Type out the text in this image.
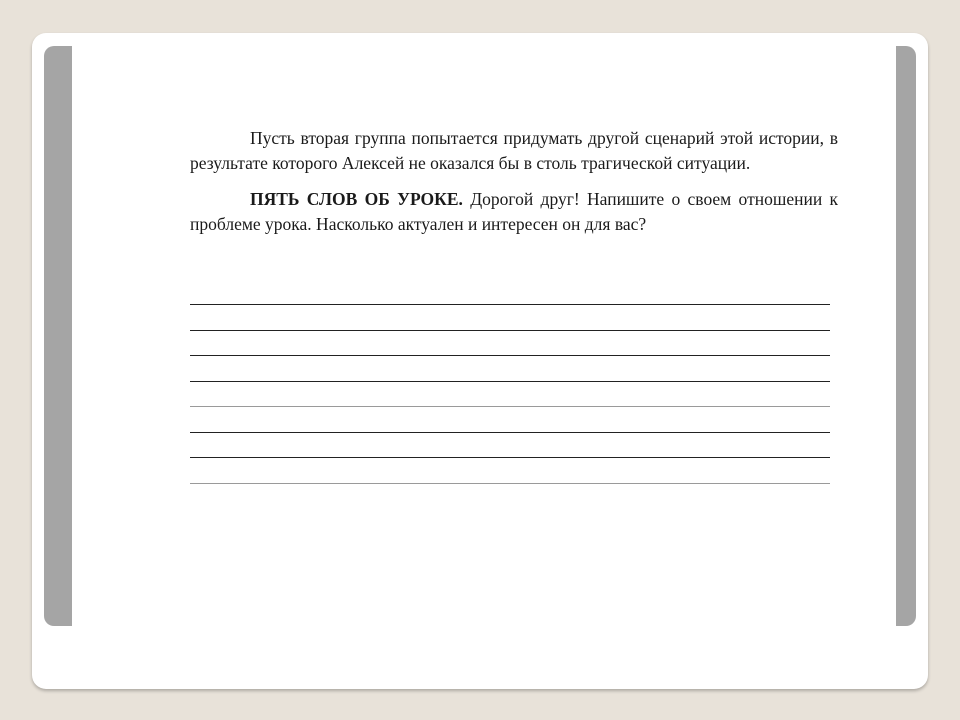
Пусть вторая группа попытается придумать другой сценарий этой истории, в результате которого Алексей не оказался бы в столь трагической ситуации.

ПЯТЬ СЛОВ ОБ УРОКЕ. Дорогой друг! Напишите о своем отношении к проблеме урока. Насколько актуален и интересен он для вас?
